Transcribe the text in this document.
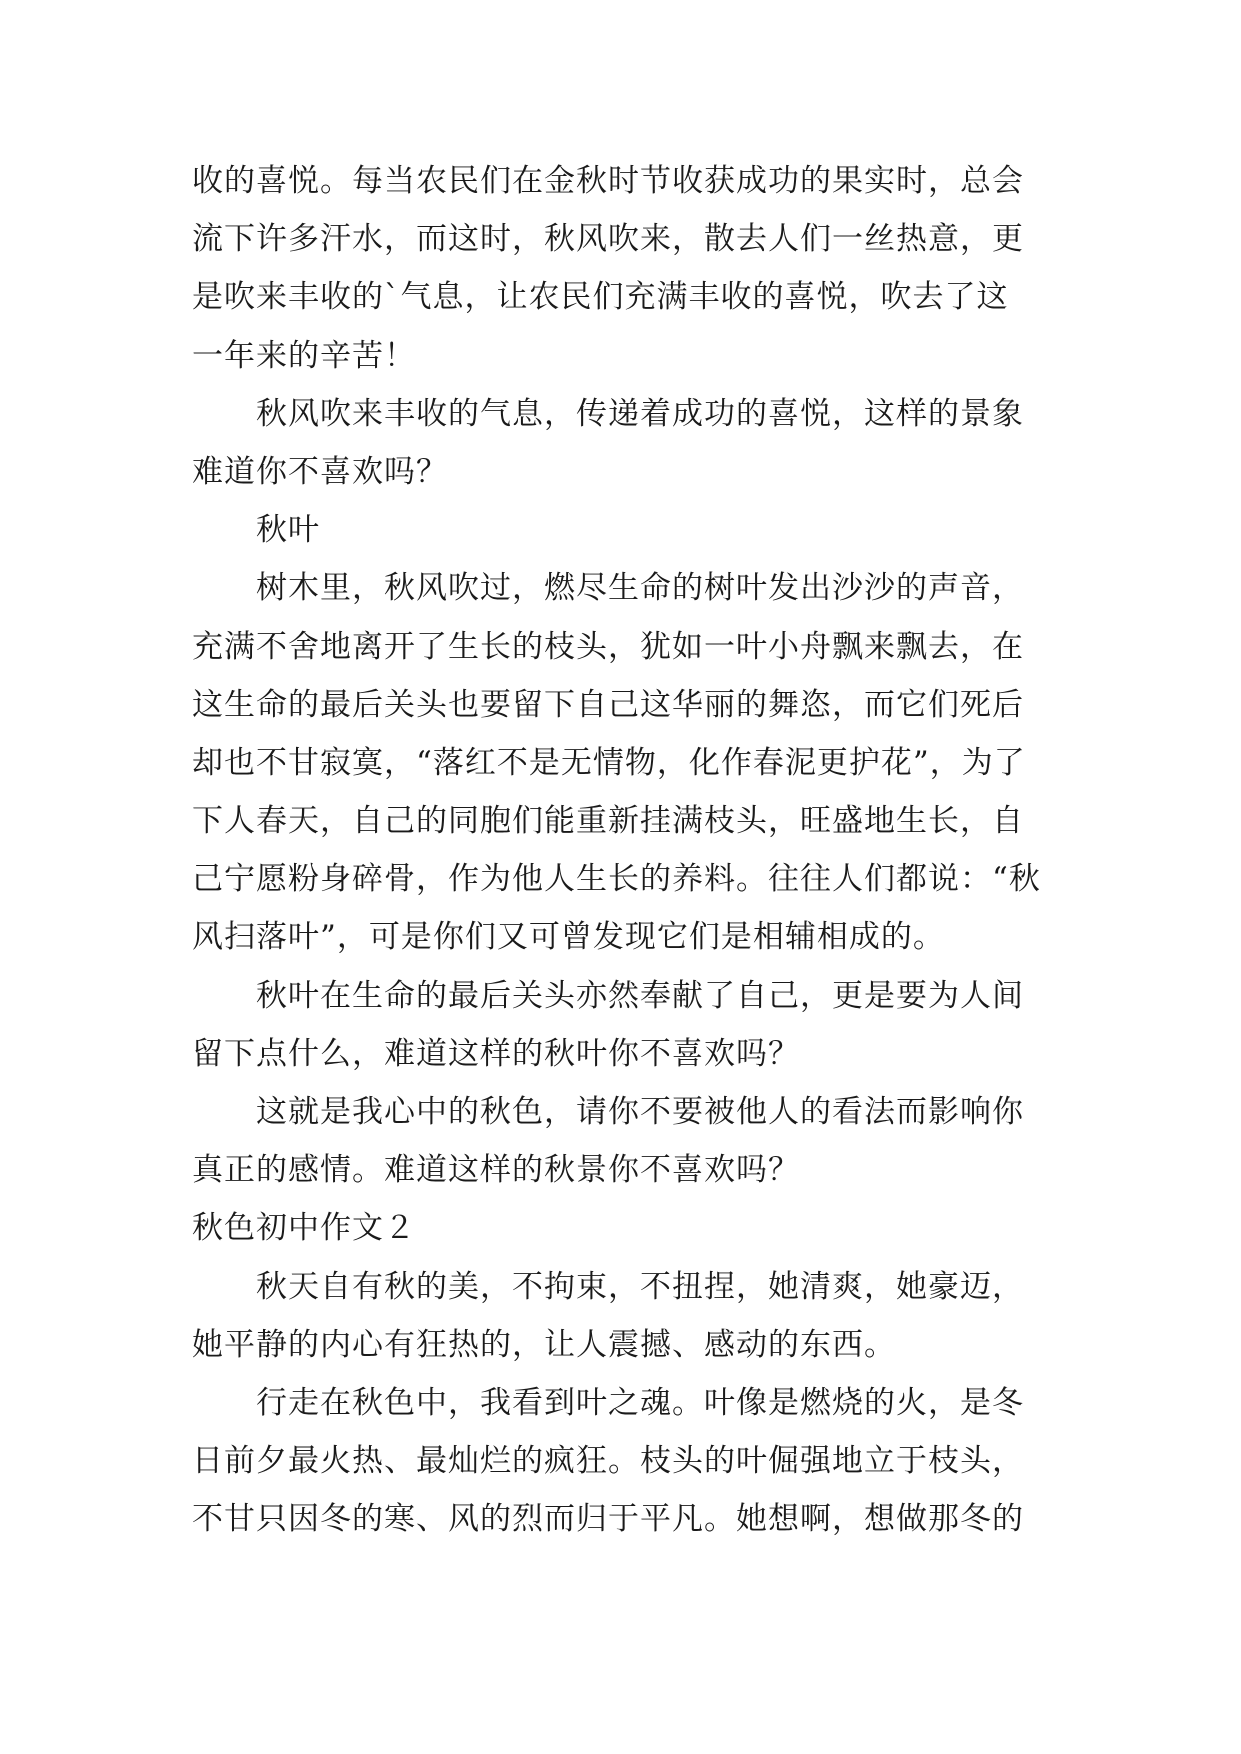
收的喜悦。每当农民们在金秋时节收获成功的果实时，总会
流下许多汗水，而这时，秋风吹来，散去人们一丝热意，更
是吹来丰收的`气息，让农民们充满丰收的喜悦，吹去了这
一年来的辛苦！
秋风吹来丰收的气息，传递着成功的喜悦，这样的景象
难道你不喜欢吗？
秋叶
树木里，秋风吹过，燃尽生命的树叶发出沙沙的声音，
充满不舍地离开了生长的枝头，犹如一叶小舟飘来飘去，在
这生命的最后关头也要留下自己这华丽的舞恣，而它们死后
却也不甘寂寞，“落红不是无情物，化作春泥更护花”，为了
下人春天，自己的同胞们能重新挂满枝头，旺盛地生长，自
己宁愿粉身碎骨，作为他人生长的养料。往往人们都说：“秋
风扫落叶”，可是你们又可曾发现它们是相辅相成的。
秋叶在生命的最后关头亦然奉献了自己，更是要为人间
留下点什么，难道这样的秋叶你不喜欢吗？
这就是我心中的秋色，请你不要被他人的看法而影响你
真正的感情。难道这样的秋景你不喜欢吗？
秋色初中作文２
秋天自有秋的美，不拘束，不扭捏，她清爽，她豪迈，
她平静的内心有狂热的，让人震撼、感动的东西。
行走在秋色中，我看到叶之魂。叶像是燃烧的火，是冬
日前夕最火热、最灿烂的疯狂。枝头的叶倔强地立于枝头，
不甘只因冬的寒、风的烈而归于平凡。她想啊，想做那冬的
